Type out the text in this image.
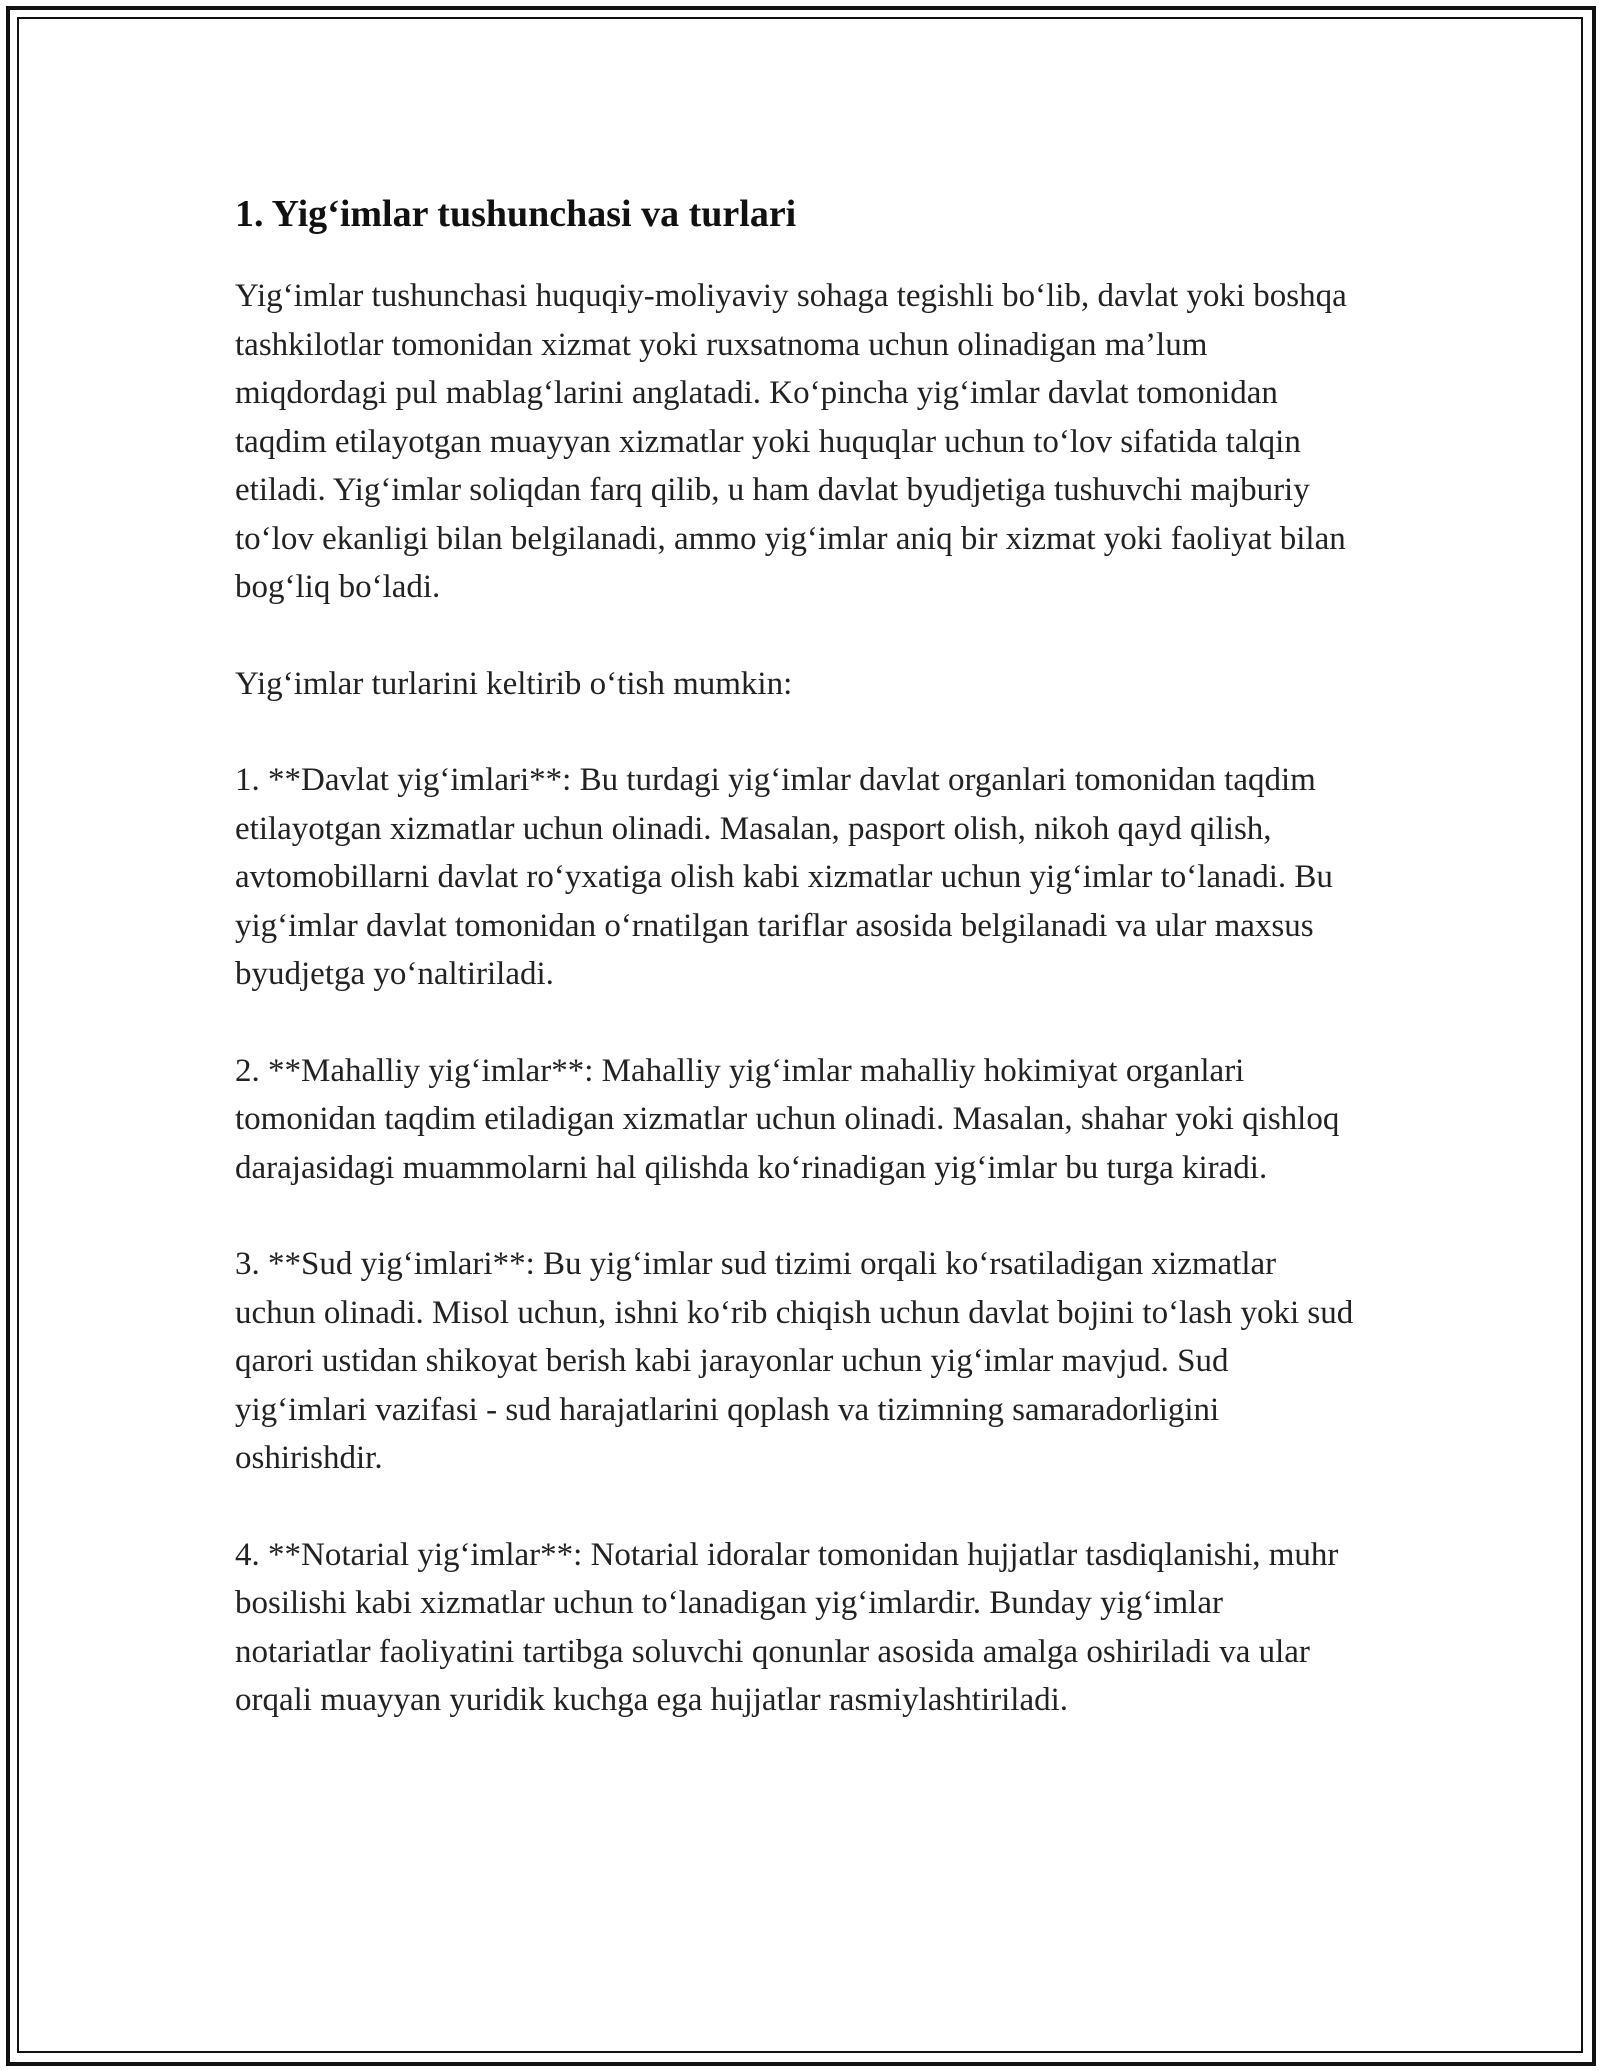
1. Yig‘imlar tushunchasi va turlari

Yig‘imlar tushunchasi huquqiy-moliyaviy sohaga tegishli bo‘lib, davlat yoki boshqa tashkilotlar tomonidan xizmat yoki ruxsatnoma uchun olinadigan ma’lum miqdordagi pul mablag‘larini anglatadi. Ko‘pincha yig‘imlar davlat tomonidan taqdim etilayotgan muayyan xizmatlar yoki huquqlar uchun to‘lov sifatida talqin etiladi. Yig‘imlar soliqdan farq qilib, u ham davlat byudjetiga tushuvchi majburiy to‘lov ekanligi bilan belgilanadi, ammo yig‘imlar aniq bir xizmat yoki faoliyat bilan bog‘liq bo‘ladi.

Yig‘imlar turlarini keltirib o‘tish mumkin:

1. **Davlat yig‘imlari**: Bu turdagi yig‘imlar davlat organlari tomonidan taqdim etilayotgan xizmatlar uchun olinadi. Masalan, pasport olish, nikoh qayd qilish, avtomobillarni davlat ro‘yxatiga olish kabi xizmatlar uchun yig‘imlar to‘lanadi. Bu yig‘imlar davlat tomonidan o‘rnatilgan tariflar asosida belgilanadi va ular maxsus byudjetga yo‘naltiriladi.

2. **Mahalliy yig‘imlar**: Mahalliy yig‘imlar mahalliy hokimiyat organlari tomonidan taqdim etiladigan xizmatlar uchun olinadi. Masalan, shahar yoki qishloq darajasidagi muammolarni hal qilishda ko‘rinadigan yig‘imlar bu turga kiradi.

3. **Sud yig‘imlari**: Bu yig‘imlar sud tizimi orqali ko‘rsatiladigan xizmatlar uchun olinadi. Misol uchun, ishni ko‘rib chiqish uchun davlat bojini to‘lash yoki sud qarori ustidan shikoyat berish kabi jarayonlar uchun yig‘imlar mavjud. Sud yig‘imlari vazifasi - sud harajatlarini qoplash va tizimning samaradorligini oshirishdir.

4. **Notarial yig‘imlar**: Notarial idoralar tomonidan hujjatlar tasdiqlanishi, muhr bosilishi kabi xizmatlar uchun to‘lanadigan yig‘imlardir. Bunday yig‘imlar notariatlar faoliyatini tartibga soluvchi qonunlar asosida amalga oshiriladi va ular orqali muayyan yuridik kuchga ega hujjatlar rasmiylashtiriladi.
